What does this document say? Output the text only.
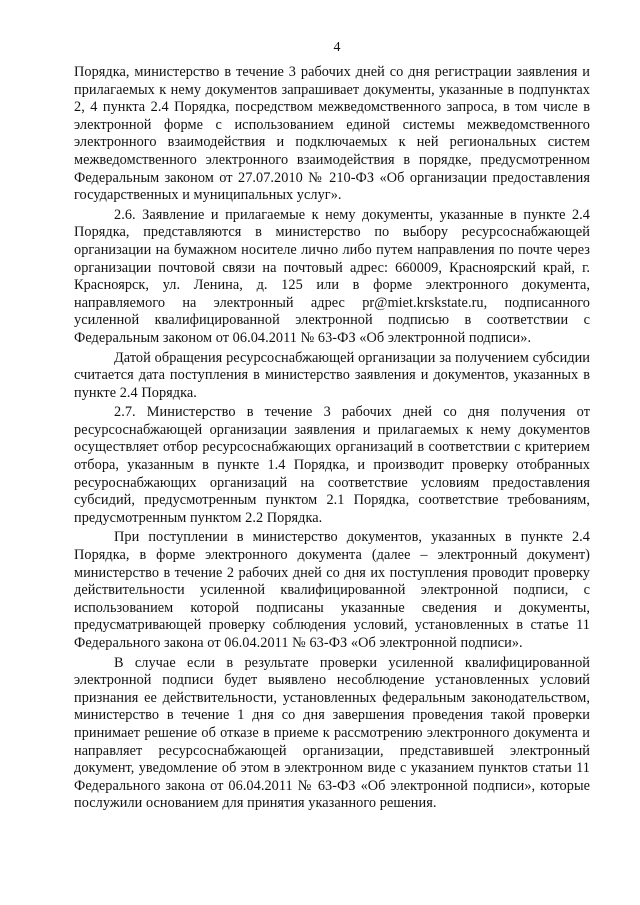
4

Порядка, министерство в течение 3 рабочих дней со дня регистрации заявления и прилагаемых к нему документов запрашивает документы, указанные в подпунктах 2, 4 пункта 2.4 Порядка, посредством межведомственного запроса, в том числе в электронной форме с использованием единой системы межведомственного электронного взаимодействия и подключаемых к ней региональных систем межведомственного электронного взаимодействия в порядке, предусмотренном Федеральным законом от 27.07.2010 № 210-ФЗ «Об организации предоставления государственных и муниципальных услуг».

2.6. Заявление и прилагаемые к нему документы, указанные в пункте 2.4 Порядка, представляются в министерство по выбору ресурсоснабжающей организации на бумажном носителе лично либо путем направления по почте через организации почтовой связи на почтовый адрес: 660009, Красноярский край, г. Красноярск, ул. Ленина, д. 125 или в форме электронного документа, направляемого на электронный адрес pr@miet.krskstate.ru, подписанного усиленной квалифицированной электронной подписью в соответствии с Федеральным законом от 06.04.2011 № 63-ФЗ «Об электронной подписи».

Датой обращения ресурсоснабжающей организации за получением субсидии считается дата поступления в министерство заявления и документов, указанных в пункте 2.4 Порядка.

2.7. Министерство в течение 3 рабочих дней со дня получения от ресурсоснабжающей организации заявления и прилагаемых к нему документов осуществляет отбор ресурсоснабжающих организаций в соответствии с критерием отбора, указанным в пункте 1.4 Порядка, и производит проверку отобранных ресуроснабжающих организаций на соответствие условиям предоставления субсидий, предусмотренным пунктом 2.1 Порядка, соответствие требованиям, предусмотренным пунктом 2.2 Порядка.

При поступлении в министерство документов, указанных в пункте 2.4 Порядка, в форме электронного документа (далее – электронный документ) министерство в течение 2 рабочих дней со дня их поступления проводит проверку действительности усиленной квалифицированной электронной подписи, с использованием которой подписаны указанные сведения и документы, предусматривающей проверку соблюдения условий, установленных в статье 11 Федерального закона от 06.04.2011 № 63-ФЗ «Об электронной подписи».

В случае если в результате проверки усиленной квалифицированной электронной подписи будет выявлено несоблюдение установленных условий признания ее действительности, установленных федеральным законодательством, министерство в течение 1 дня со дня завершения проведения такой проверки принимает решение об отказе в приеме к рассмотрению электронного документа и направляет ресурсоснабжающей организации, представившей электронный документ, уведомление об этом в электронном виде с указанием пунктов статьи 11 Федерального закона от 06.04.2011 № 63-ФЗ «Об электронной подписи», которые послужили основанием для принятия указанного решения.
